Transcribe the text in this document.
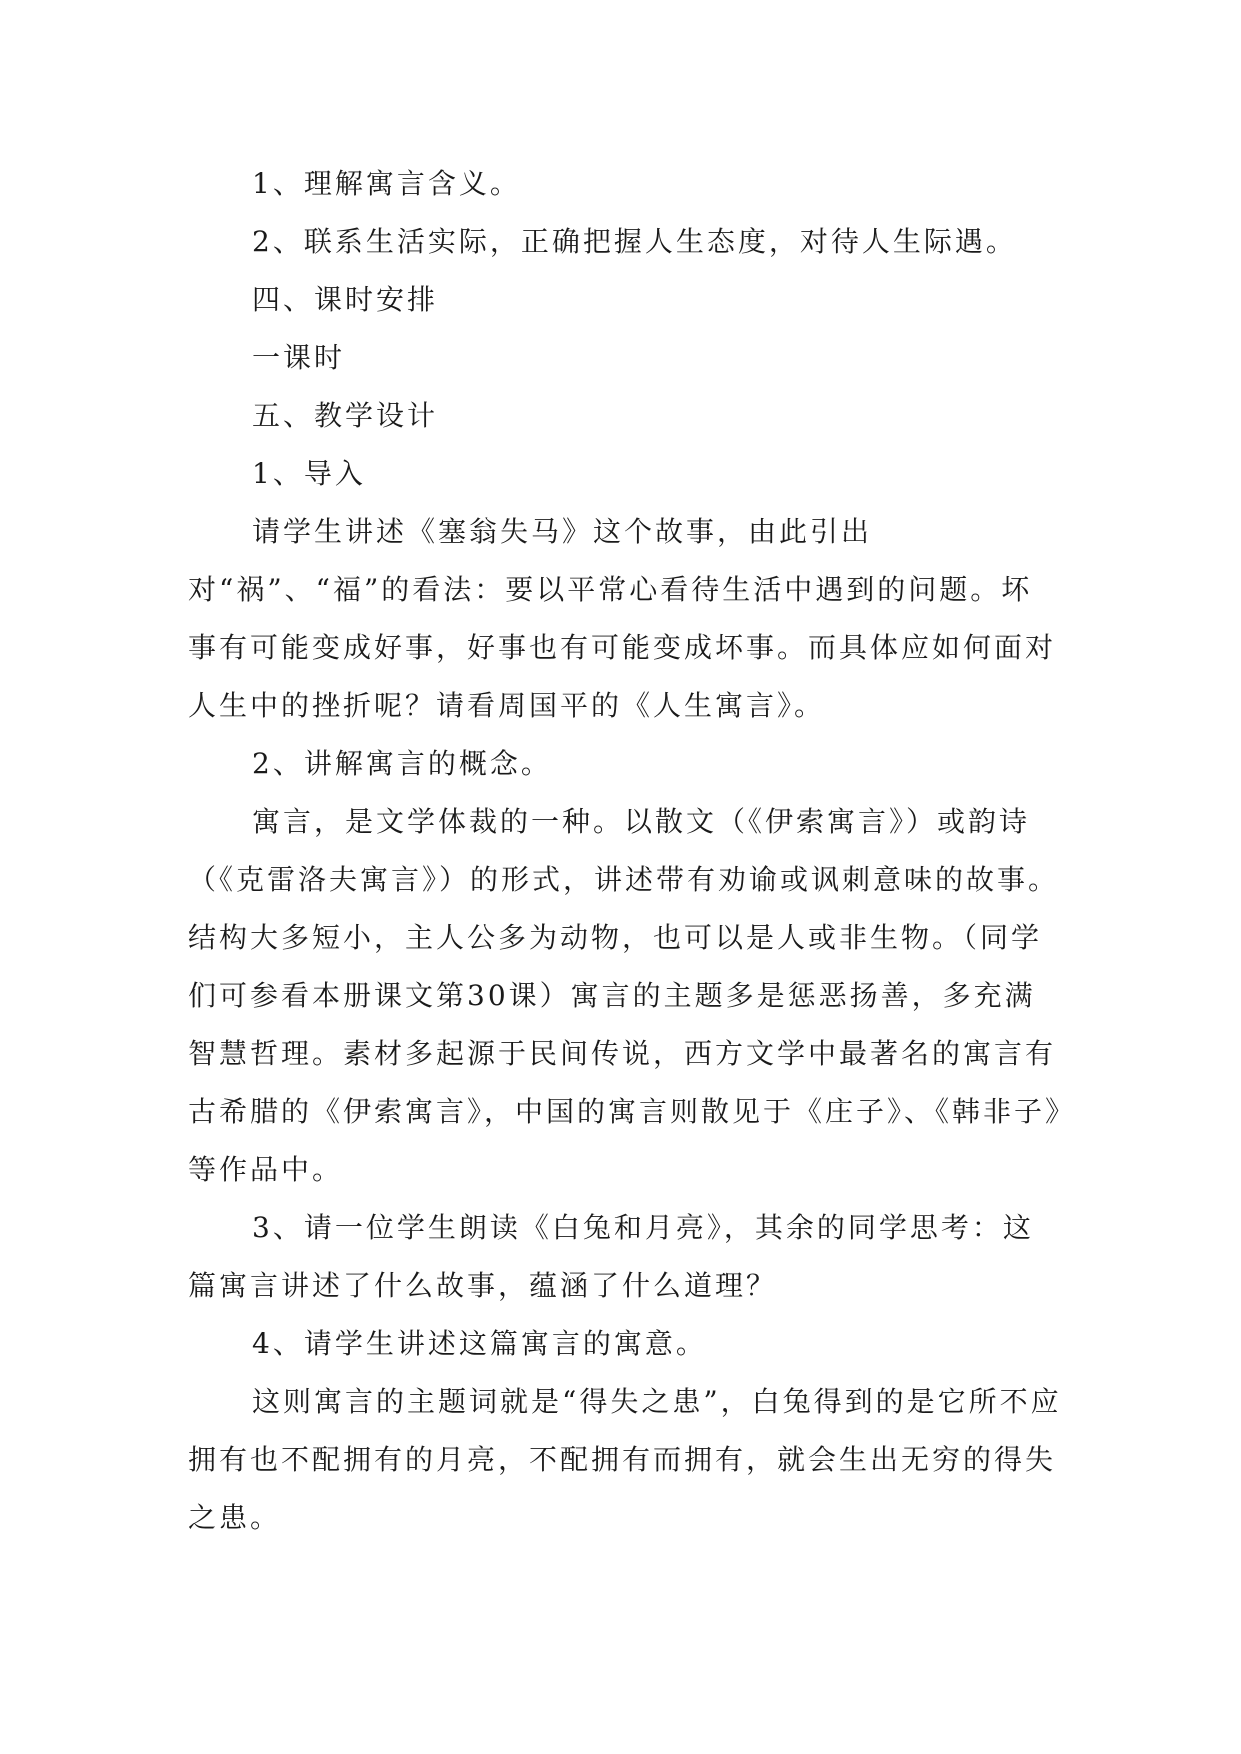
1、理解寓言含义。

2、联系生活实际，正确把握人生态度，对待人生际遇。

四、课时安排

一课时

五、教学设计

1、导入

请学生讲述《塞翁失马》这个故事，由此引出对“祸”、“福”的看法：要以平常心看待生活中遇到的问题。坏事有可能变成好事，好事也有可能变成坏事。而具体应如何面对人生中的挫折呢？请看周国平的《人生寓言》。

2、讲解寓言的概念。

寓言，是文学体裁的一种。以散文（《伊索寓言》）或韵诗（《克雷洛夫寓言》）的形式，讲述带有劝谕或讽刺意味的故事。结构大多短小，主人公多为动物，也可以是人或非生物。（同学们可参看本册课文第30课）寓言的主题多是惩恶扬善，多充满智慧哲理。素材多起源于民间传说，西方文学中最著名的寓言有古希腊的《伊索寓言》，中国的寓言则散见于《庄子》、《韩非子》等作品中。

3、请一位学生朗读《白兔和月亮》，其余的同学思考：这篇寓言讲述了什么故事，蕴涵了什么道理？

4、请学生讲述这篇寓言的寓意。

这则寓言的主题词就是“得失之患”，白兔得到的是它所不应拥有也不配拥有的月亮，不配拥有而拥有，就会生出无穷的得失之患。
